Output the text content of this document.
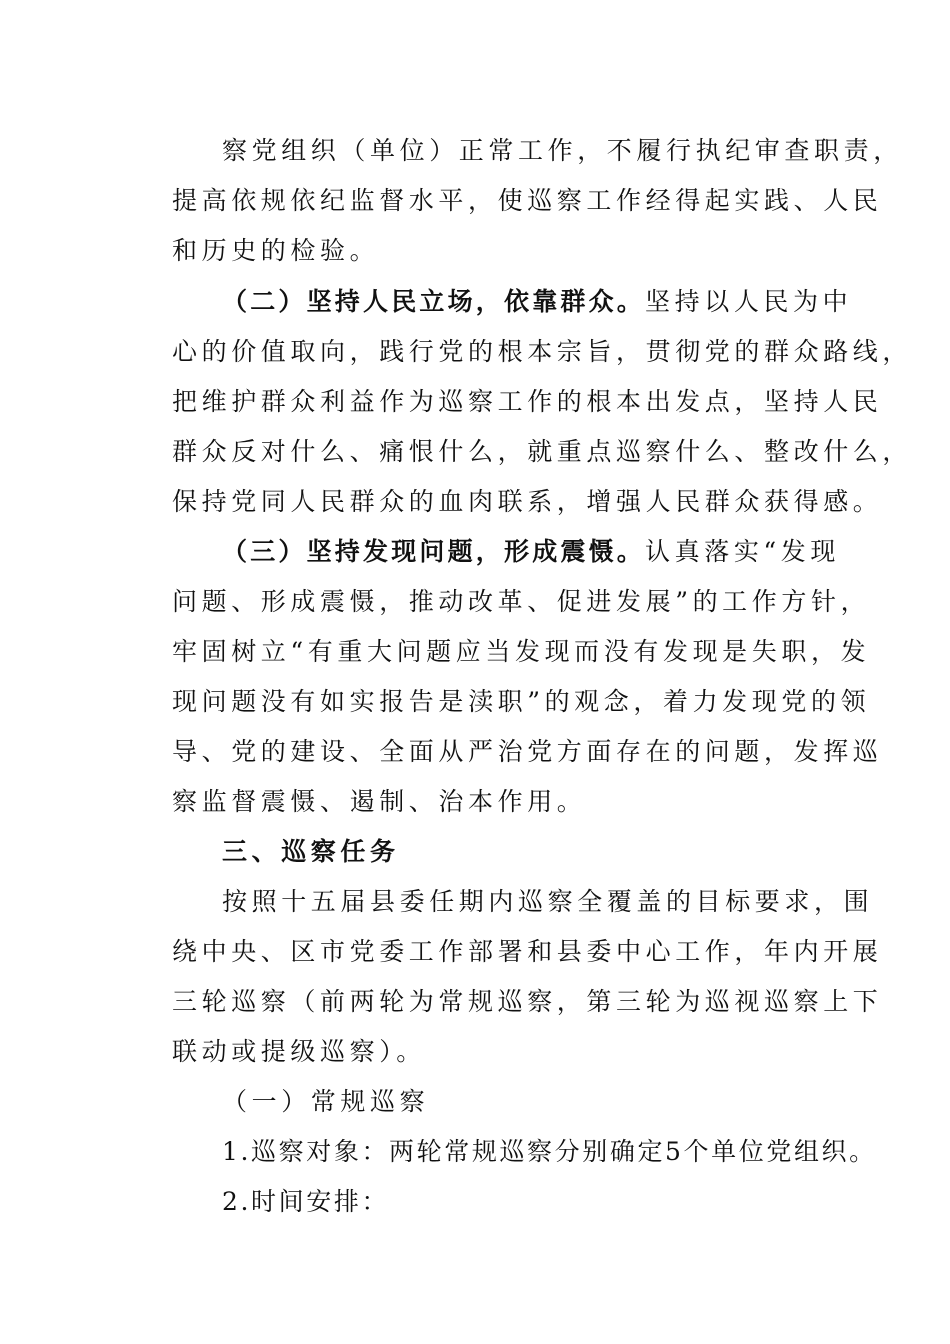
察党组织（单位）正常工作，不履行执纪审查职责，
提高依规依纪监督水平，使巡察工作经得起实践、人民
和历史的检验。
（二）坚持人民立场，依靠群众。坚持以人民为中
心的价值取向，践行党的根本宗旨，贯彻党的群众路线，
把维护群众利益作为巡察工作的根本出发点，坚持人民
群众反对什么、痛恨什么，就重点巡察什么、整改什么，
保持党同人民群众的血肉联系，增强人民群众获得感。
（三）坚持发现问题，形成震慑。认真落实“发现
问题、形成震慑，推动改革、促进发展”的工作方针，
牢固树立“有重大问题应当发现而没有发现是失职，发
现问题没有如实报告是渎职”的观念，着力发现党的领
导、党的建设、全面从严治党方面存在的问题，发挥巡
察监督震慑、遏制、治本作用。
三、巡察任务
按照十五届县委任期内巡察全覆盖的目标要求，围
绕中央、区市党委工作部署和县委中心工作，年内开展
三轮巡察（前两轮为常规巡察，第三轮为巡视巡察上下
联动或提级巡察）。
（一）常规巡察
1.巡察对象：两轮常规巡察分别确定5个单位党组织。
2.时间安排：
